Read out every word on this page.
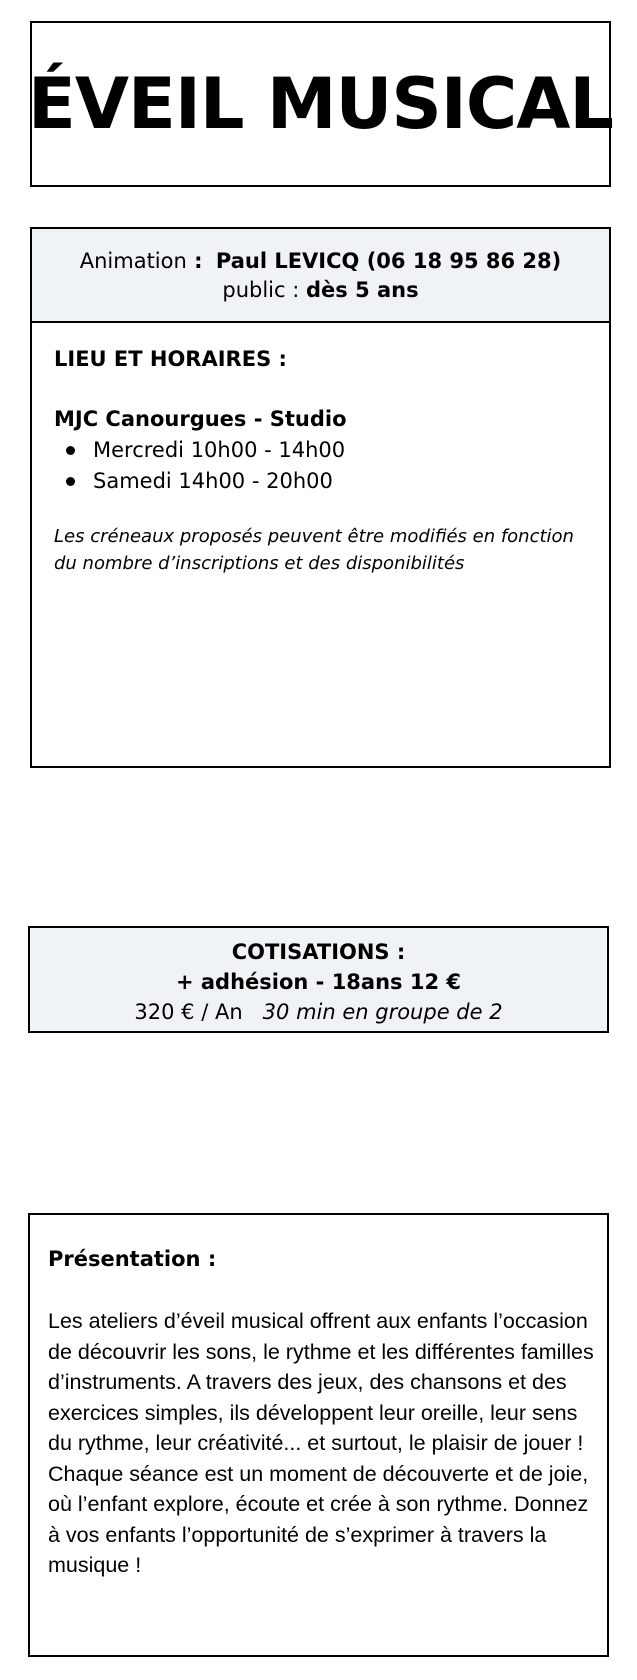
ÉVEIL MUSICAL
Animation : Paul LEVICQ (06 18 95 86 28)
public : dès 5 ans

LIEU ET HORAIRES :

MJC Canourgues - Studio

Mercredi 10h00 - 14h00
Samedi 14h00 - 20h00

Les créneaux proposés peuvent être modifiés en fonction du nombre d’inscriptions et des disponibilités

COTISATIONS :
+ adhésion - 18ans 12 €
320 € / An 30 min en groupe de 2

Présentation :

Les ateliers d’éveil musical offrent aux enfants l’occasion de découvrir les sons, le rythme et les différentes familles d’instruments. A travers des jeux, des chansons et des exercices simples, ils développent leur oreille, leur sens du rythme, leur créativité... et surtout, le plaisir de jouer !
Chaque séance est un moment de découverte et de joie, où l’enfant explore, écoute et crée à son rythme. Donnez à vos enfants l’opportunité de s’exprimer à travers la musique !
